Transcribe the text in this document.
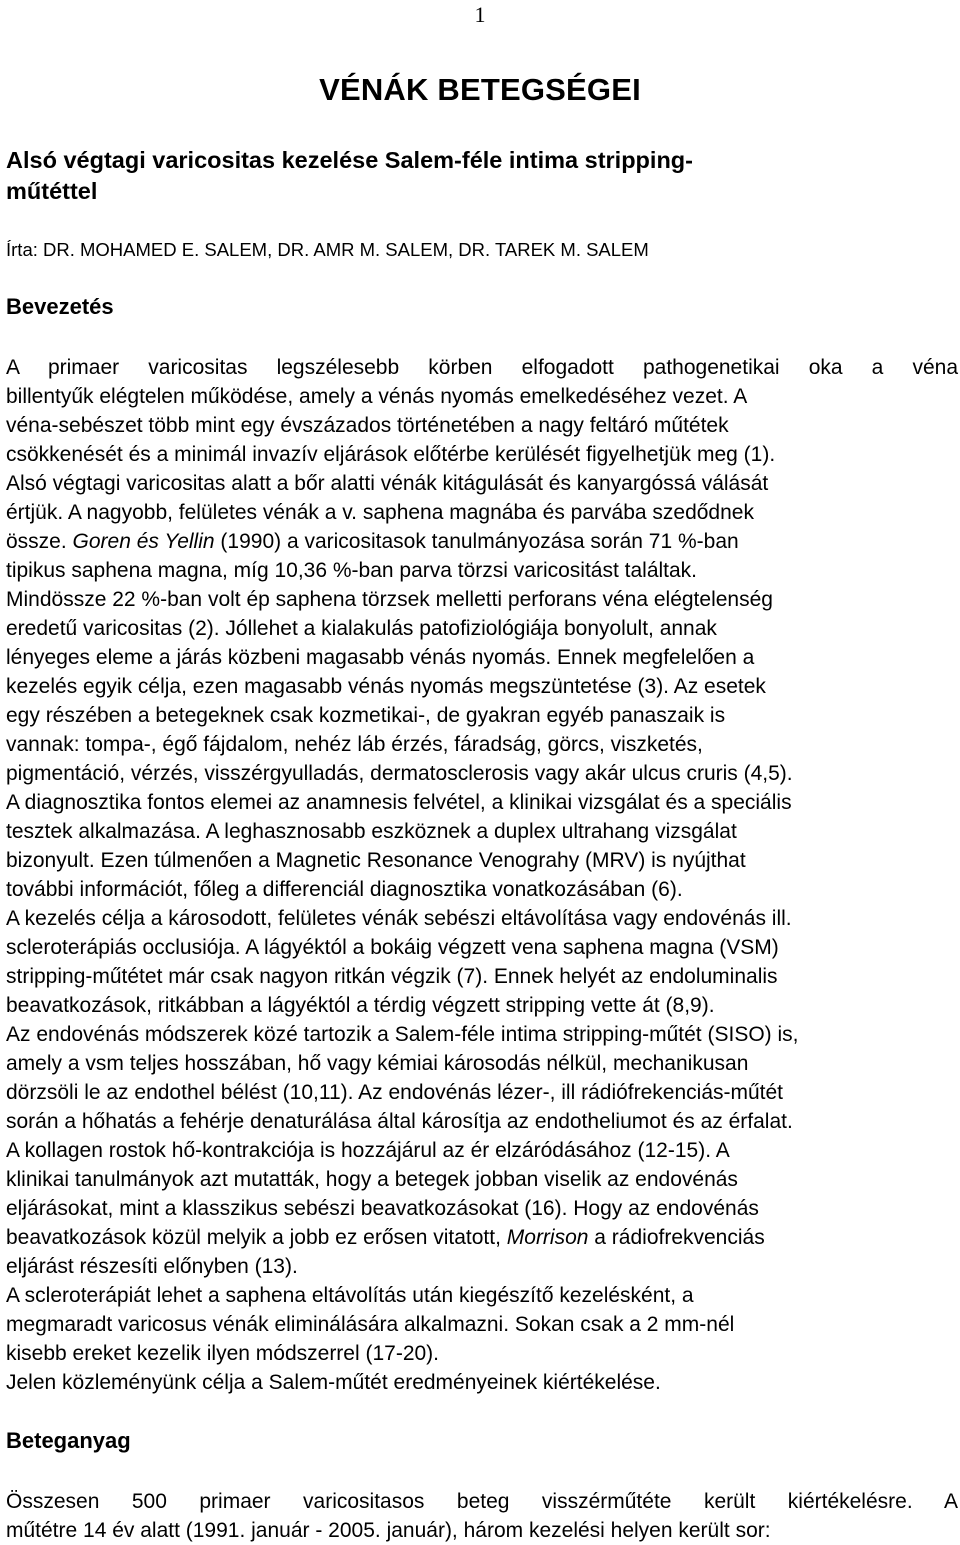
1
VÉNÁK BETEGSÉGEI
Alsó végtagi varicositas kezelése Salem-féle intima stripping-
műtéttel
Írta: DR. MOHAMED E. SALEM, DR. AMR M. SALEM, DR. TAREK M. SALEM
Bevezetés
A primaer varicositas legszélesebb körben elfogadott pathogenetikai oka a véna
billentyűk elégtelen működése, amely a vénás nyomás emelkedéséhez vezet. A
véna-sebészet több mint egy évszázados történetében a nagy feltáró műtétek
csökkenését és a minimál invazív eljárások előtérbe kerülését figyelhetjük meg (1).
Alsó végtagi varicositas alatt a bőr alatti vénák kitágulását és kanyargóssá válását
értjük. A nagyobb, felületes vénák a v. saphena magnába és parvába szedődnek
össze. Goren és Yellin (1990) a varicositasok tanulmányozása során 71 %-ban
tipikus saphena magna, míg 10,36 %-ban parva törzsi varicositást találtak.
Mindössze 22 %-ban volt ép saphena törzsek melletti perforans véna elégtelenség
eredetű varicositas (2). Jóllehet a kialakulás patofiziológiája bonyolult, annak
lényeges eleme a járás közbeni magasabb vénás nyomás. Ennek megfelelően a
kezelés egyik célja, ezen magasabb vénás nyomás megszüntetése (3). Az esetek
egy részében a betegeknek csak kozmetikai-, de gyakran egyéb panaszaik is
vannak: tompa-, égő fájdalom, nehéz láb érzés, fáradság, görcs, viszketés,
pigmentáció, vérzés, visszérgyulladás, dermatosclerosis vagy akár ulcus cruris (4,5).
A diagnosztika fontos elemei az anamnesis felvétel, a klinikai vizsgálat és a speciális
tesztek alkalmazása. A leghasznosabb eszköznek a duplex ultrahang vizsgálat
bizonyult. Ezen túlmenően a Magnetic Resonance Venograhy (MRV) is nyújthat
további információt, főleg a differenciál diagnosztika vonatkozásában (6).
A kezelés célja a károsodott, felületes vénák sebészi eltávolítása vagy endovénás ill.
scleroterápiás occlusiója. A lágyéktól a bokáig végzett vena saphena magna (VSM)
stripping-műtétet már csak nagyon ritkán végzik (7). Ennek helyét az endoluminalis
beavatkozások, ritkábban a lágyéktól a térdig végzett stripping vette át (8,9).
Az endovénás módszerek közé tartozik a Salem-féle intima stripping-műtét (SISO) is,
amely a vsm teljes hosszában, hő vagy kémiai károsodás nélkül, mechanikusan
dörzsöli le az endothel bélést (10,11). Az endovénás lézer-, ill rádiófrekenciás-műtét
során a hőhatás a fehérje denaturálása által károsítja az endotheliumot és az érfalat.
A kollagen rostok hő-kontrakciója is hozzájárul az ér elzáródásához (12-15). A
klinikai tanulmányok azt mutatták, hogy a betegek jobban viselik az endovénás
eljárásokat, mint a klasszikus sebészi beavatkozásokat (16). Hogy az endovénás
beavatkozások közül melyik a jobb ez erősen vitatott, Morrison a rádiofrekvenciás
eljárást részesíti előnyben (13).
A scleroterápiát lehet a saphena eltávolítás után kiegészítő kezelésként, a
megmaradt varicosus vénák eliminálására alkalmazni. Sokan csak a 2 mm-nél
kisebb ereket kezelik ilyen módszerrel (17-20).
Jelen közleményünk célja a Salem-műtét eredményeinek kiértékelése.
Beteganyag
Összesen 500 primaer varicositasos beteg visszérműtéte került kiértékelésre. A
műtétre 14 év alatt (1991. január - 2005. január), három kezelési helyen került sor:
